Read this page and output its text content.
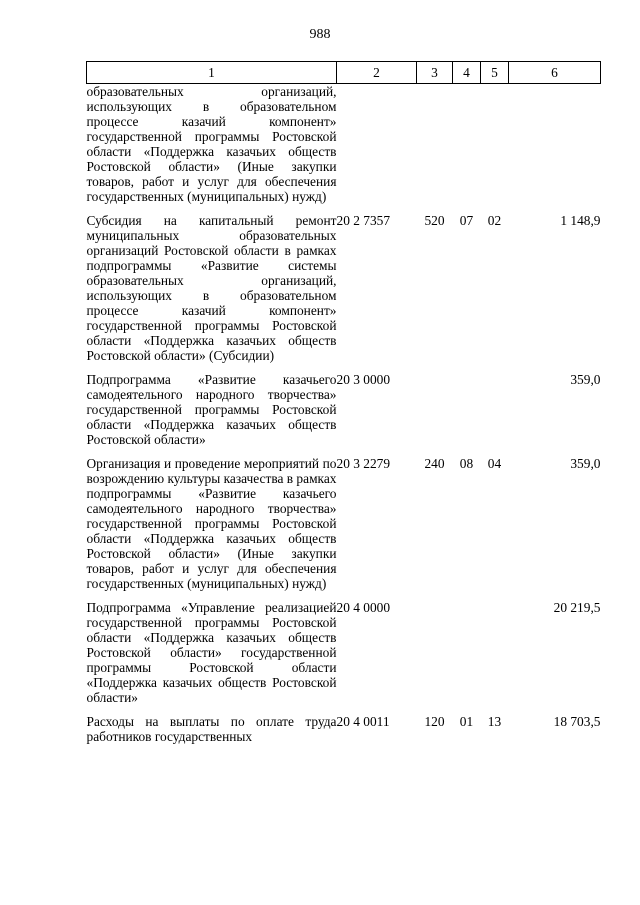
988
1	2	3	4	5	6
образовательных организаций, использующих в образовательном процессе казачий компонент» государственной программы Ростовской области «Поддержка казачьих обществ Ростовской области» (Иные закупки товаров, работ и услуг для обеспечения государственных (муниципальных) нужд)					

Субсидия на капитальный ремонт муниципальных образовательных организаций Ростовской области в рамках подпрограммы «Развитие системы образовательных организаций, использующих в образовательном процессе казачий компонент» государственной программы Ростовской области «Поддержка казачьих обществ Ростовской области» (Субсидии)	20 2 7357	520	07	02	1 148,9

Подпрограмма «Развитие казачьего самодеятельного народного творчества» государственной программы Ростовской области «Поддержка казачьих обществ Ростовской области»	20 3 0000				359,0

Организация и проведение мероприятий по возрождению культуры казачества в рамках подпрограммы «Развитие казачьего самодеятельного народного творчества» государственной программы Ростовской области «Поддержка казачьих обществ Ростовской области» (Иные закупки товаров, работ и услуг для обеспечения государственных (муниципальных) нужд)	20 3 2279	240	08	04	359,0

Подпрограмма «Управление реализацией государственной программы Ростовской области «Поддержка казачьих обществ Ростовской области» государственной программы Ростовской области «Поддержка казачьих обществ Ростовской области»	20 4 0000				20 219,5

Расходы на выплаты по оплате труда работников государственных	20 4 0011	120	01	13	18 703,5
